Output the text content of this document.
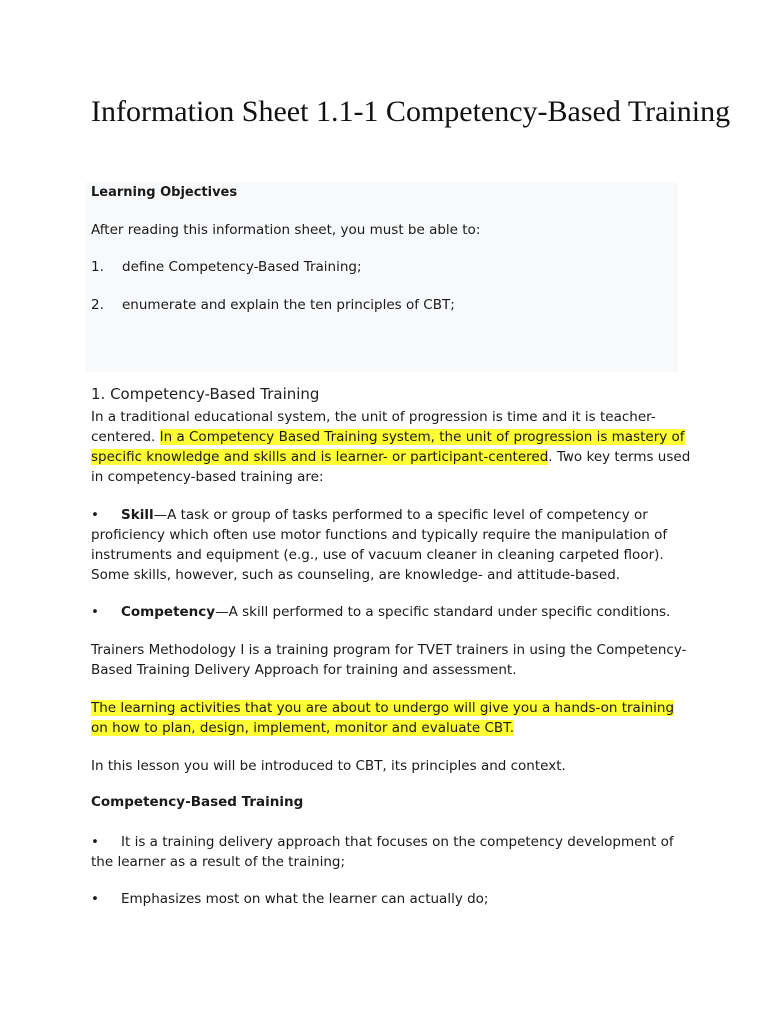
Information Sheet 1.1-1 Competency-Based Training

Learning Objectives

After reading this information sheet, you must be able to:

1. define Competency-Based Training;

2. enumerate and explain the ten principles of CBT;

1. Competency-Based Training

In a traditional educational system, the unit of progression is time and it is teacher-centered. In a Competency Based Training system, the unit of progression is mastery of specific knowledge and skills and is learner- or participant-centered. Two key terms used in competency-based training are:

• Skill—A task or group of tasks performed to a specific level of competency or proficiency which often use motor functions and typically require the manipulation of instruments and equipment (e.g., use of vacuum cleaner in cleaning carpeted floor). Some skills, however, such as counseling, are knowledge- and attitude-based.

• Competency—A skill performed to a specific standard under specific conditions.

Trainers Methodology I is a training program for TVET trainers in using the Competency-Based Training Delivery Approach for training and assessment.

The learning activities that you are about to undergo will give you a hands-on training on how to plan, design, implement, monitor and evaluate CBT.

In this lesson you will be introduced to CBT, its principles and context.

Competency-Based Training

• It is a training delivery approach that focuses on the competency development of the learner as a result of the training;

• Emphasizes most on what the learner can actually do;
